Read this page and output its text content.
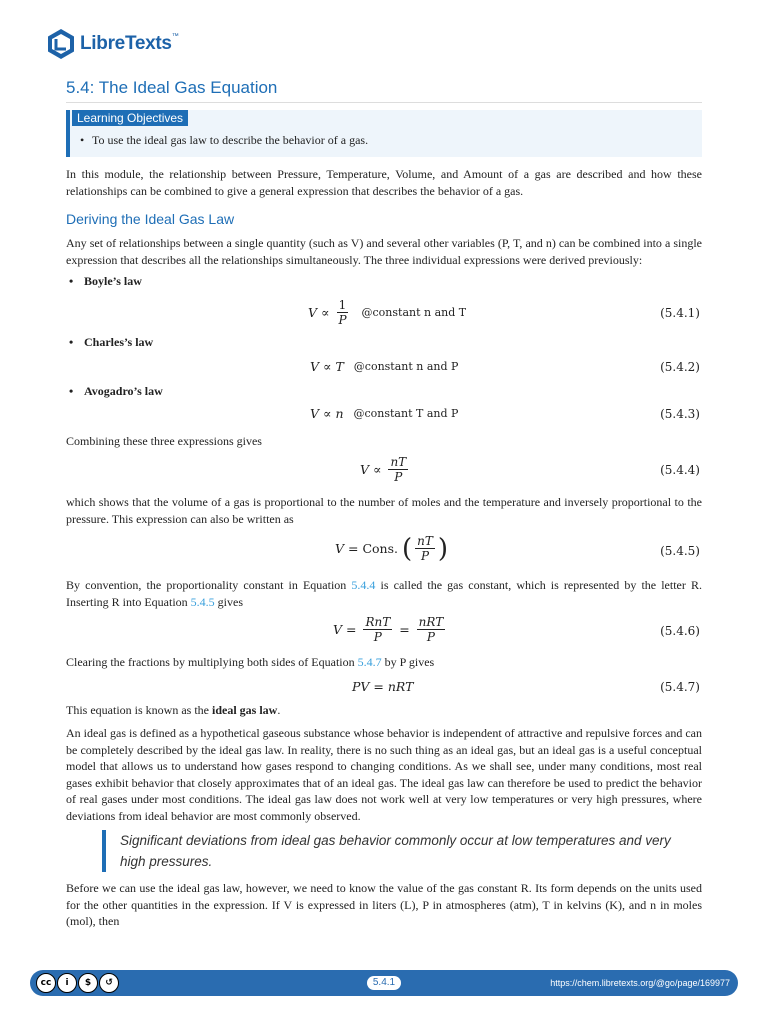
LibreTexts™
5.4: The Ideal Gas Equation
Learning Objectives
• To use the ideal gas law to describe the behavior of a gas.
In this module, the relationship between Pressure, Temperature, Volume, and Amount of a gas are described and how these relationships can be combined to give a general expression that describes the behavior of a gas.
Deriving the Ideal Gas Law
Any set of relationships between a single quantity (such as V) and several other variables (P, T, and n) can be combined into a single expression that describes all the relationships simultaneously. The three individual expressions were derived previously:
• Boyle’s law
$V \propto \frac{1}{P}$ @constant n and T	(5.4.1)
• Charles’s law
V ∝ T @constant n and P	(5.4.2)
• Avogadro’s law
V ∝ n @constant T and P	(5.4.3)
Combining these three expressions gives
$V \propto \frac{nT}{P}$	(5.4.4)
which shows that the volume of a gas is proportional to the number of moles and the temperature and inversely proportional to the pressure. This expression can also be written as
V = Cons.
( $\frac{nT}{P}$ )	(5.4.5)
By convention, the proportionality constant in Equation 5.4.4 is called the gas constant, which is represented by the letter R. Inserting R into Equation 5.4.5 gives
$V = \frac{\text{RnT}}{P} = \frac{\text{nRT}}{P}$	(5.4.6)
Clearing the fractions by multiplying both sides of Equation 5.4.7 by P gives
PV = nRT	(5.4.7)
This equation is known as the ideal gas law.
An ideal gas is defined as a hypothetical gaseous substance whose behavior is independent of attractive and repulsive forces and can be completely described by the ideal gas law. In reality, there is no such thing as an ideal gas, but an ideal gas is a useful conceptual model that allows us to understand how gases respond to changing conditions. As we shall see, under many conditions, most real gases exhibit behavior that closely approximates that of an ideal gas. The ideal gas law can therefore be used to predict the behavior of real gases under most conditions. The ideal gas law does not work well at very low temperatures or very high pressures, where deviations from ideal behavior are most commonly observed.
Significant deviations from ideal gas behavior commonly occur at low temperatures and very high pressures.
Before we can use the ideal gas law, however, we need to know the value of the gas constant R. Its form depends on the units used for the other quantities in the expression. If V is expressed in liters (L), P in atmospheres (atm), T in kelvins (K), and n in moles (mol), then
cc	i	$	↺	5.4.1	https://chem.libretexts.org/@go/page/169977
